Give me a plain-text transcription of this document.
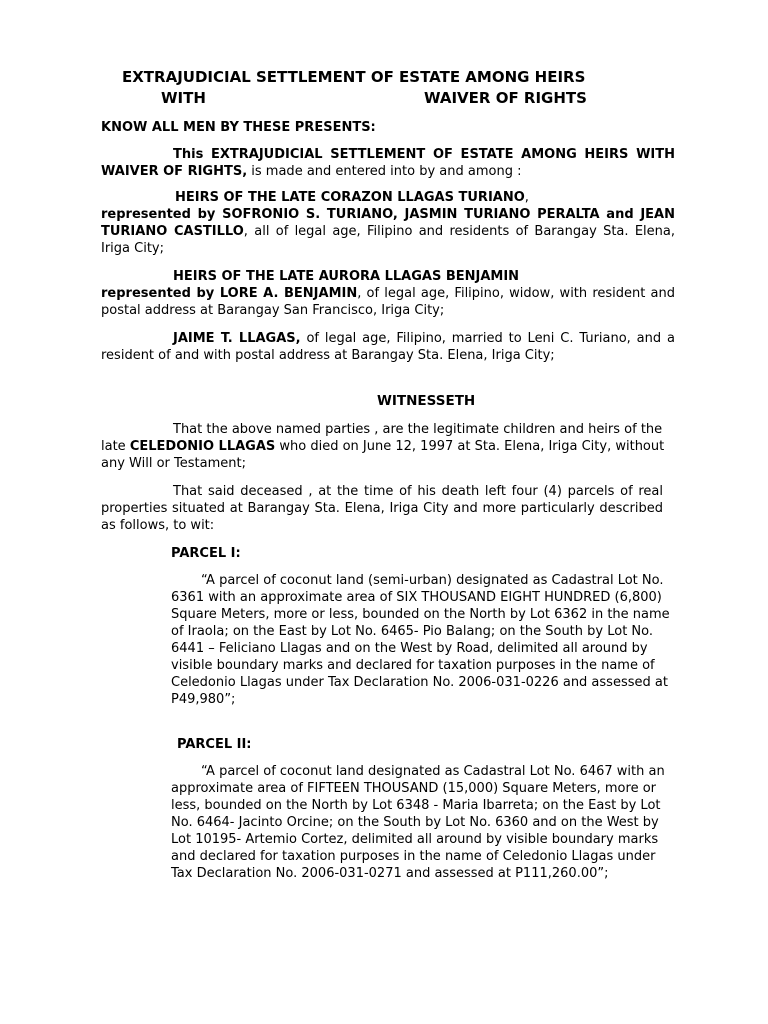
EXTRAJUDICIAL SETTLEMENT OF ESTATE AMONG HEIRS
WITH	WAIVER OF RIGHTS
KNOW ALL MEN BY THESE PRESENTS:

This EXTRAJUDICIAL SETTLEMENT OF ESTATE AMONG HEIRS WITH WAIVER OF RIGHTS, is made and entered into by and among :

HEIRS OF THE LATE CORAZON LLAGAS TURIANO,
represented by SOFRONIO S. TURIANO, JASMIN TURIANO PERALTA and JEAN TURIANO CASTILLO, all of legal age, Filipino and residents of Barangay Sta. Elena, Iriga City;

HEIRS OF THE LATE AURORA LLAGAS BENJAMIN
represented by LORE A. BENJAMIN, of legal age, Filipino, widow, with resident and postal address at Barangay San Francisco, Iriga City;

JAIME T. LLAGAS, of legal age, Filipino, married to Leni C. Turiano, and a resident of and with postal address at Barangay Sta. Elena, Iriga City;

WITNESSETH

That the above named parties , are the legitimate children and heirs of the late CELEDONIO LLAGAS who died on June 12, 1997 at Sta. Elena, Iriga City, without any Will or Testament;

That said deceased , at the time of his death left four (4) parcels of real properties situated at Barangay Sta. Elena, Iriga City and more particularly described as follows, to wit:

PARCEL I:

“A parcel of coconut land (semi-urban) designated as Cadastral Lot No. 6361 with an approximate area of SIX THOUSAND EIGHT HUNDRED (6,800) Square Meters, more or less, bounded on the North by Lot 6362 in the name of Iraola; on the East by Lot No. 6465- Pio Balang; on the South by Lot No. 6441 – Feliciano Llagas and on the West by Road, delimited all around by visible boundary marks and declared for taxation purposes in the name of Celedonio Llagas under Tax Declaration No. 2006-031-0226 and assessed at P49,980”;

PARCEL II:

“A parcel of coconut land designated as Cadastral Lot No. 6467 with an approximate area of FIFTEEN THOUSAND (15,000) Square Meters, more or less, bounded on the North by Lot 6348 - Maria Ibarreta; on the East by Lot No. 6464- Jacinto Orcine; on the South by Lot No. 6360 and on the West by Lot 10195- Artemio Cortez, delimited all around by visible boundary marks and declared for taxation purposes in the name of Celedonio Llagas under Tax Declaration No. 2006-031-0271 and assessed at P111,260.00”;
